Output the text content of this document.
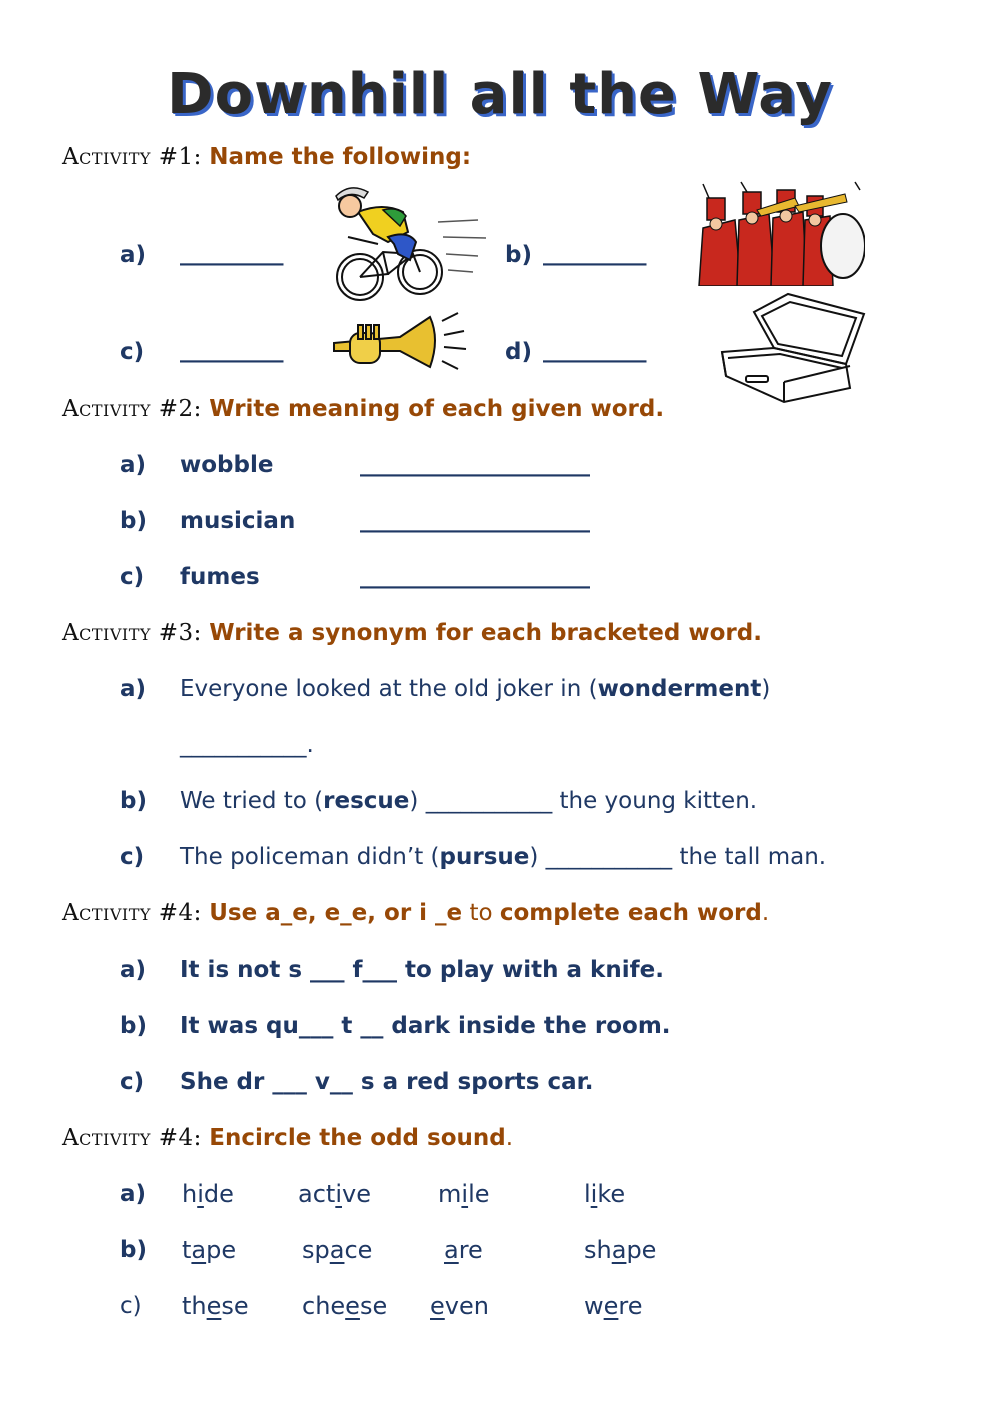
Downhill all the Way
Activity #1: Name the following:
a) _________	b) _________
c) _________	d) _________
Activity #2: Write meaning of each given word.
a) wobble	____________________
b) musician	____________________
c) fumes	____________________
Activity #3: Write a synonym for each bracketed word.
a) Everyone looked at the old joker in (wonderment)
___________.
b) We tried to (rescue) ___________ the young kitten.
c) The policeman didn’t (pursue) ___________ the tall man.
Activity #4: Use a_e, e_e, or i _e to complete each word.
a) It is not s ___ f___ to play with a knife.
b) It was qu___ t __ dark inside the room.
c) She dr ___ v__ s a red sports car.
Activity #4: Encircle the odd sound.
a) hide	active	mile	like
b) tape	space	are	shape
c) these cheese even	were
